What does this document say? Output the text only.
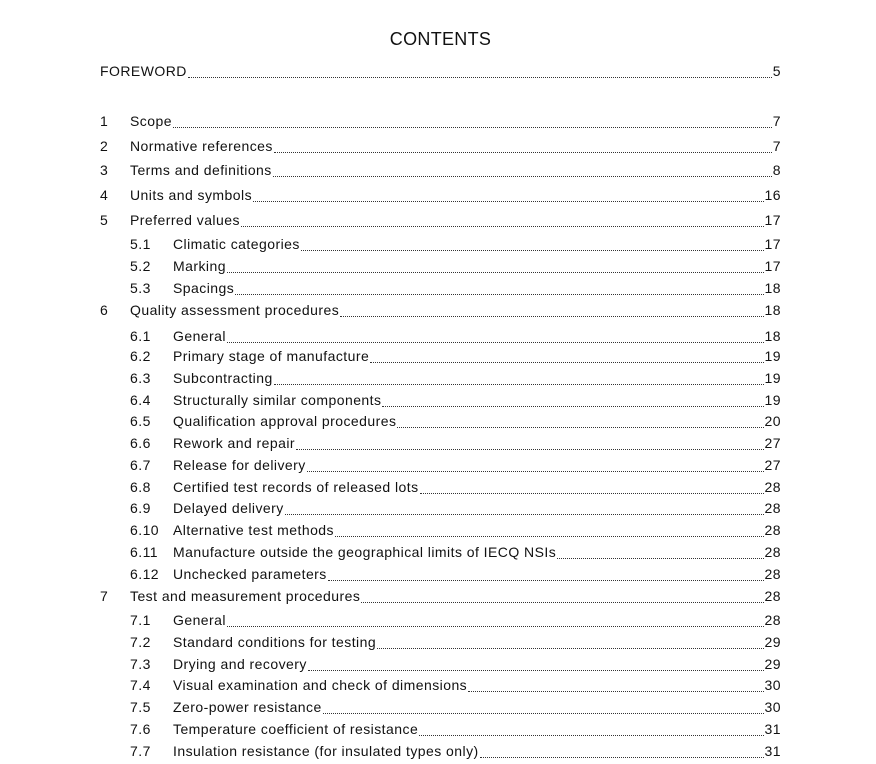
CONTENTS
FOREWORD	5
1	Scope	7
2	Normative references	7
3	Terms and definitions	8
4	Units and symbols	16
5	Preferred values	17
5.1	Climatic categories	17
5.2	Marking	17
5.3	Spacings	18
6	Quality assessment procedures	18
6.1	General	18
6.2	Primary stage of manufacture	19
6.3	Subcontracting	19
6.4	Structurally similar components	19
6.5	Qualification approval procedures	20
6.6	Rework and repair	27
6.7	Release for delivery	27
6.8	Certified test records of released lots	28
6.9	Delayed delivery	28
6.10 Alternative test methods	28
6.11	Manufacture outside the geographical limits of IECQ NSIs	28
6.12 Unchecked parameters	28
7	Test and measurement procedures	28
7.1	General	28
7.2	Standard conditions for testing	29
7.3	Drying and recovery	29
7.4	Visual examination and check of dimensions	30
7.5	Zero-power resistance	30
7.6	Temperature coefficient of resistance	31
7.7	Insulation resistance (for insulated types only)	31
